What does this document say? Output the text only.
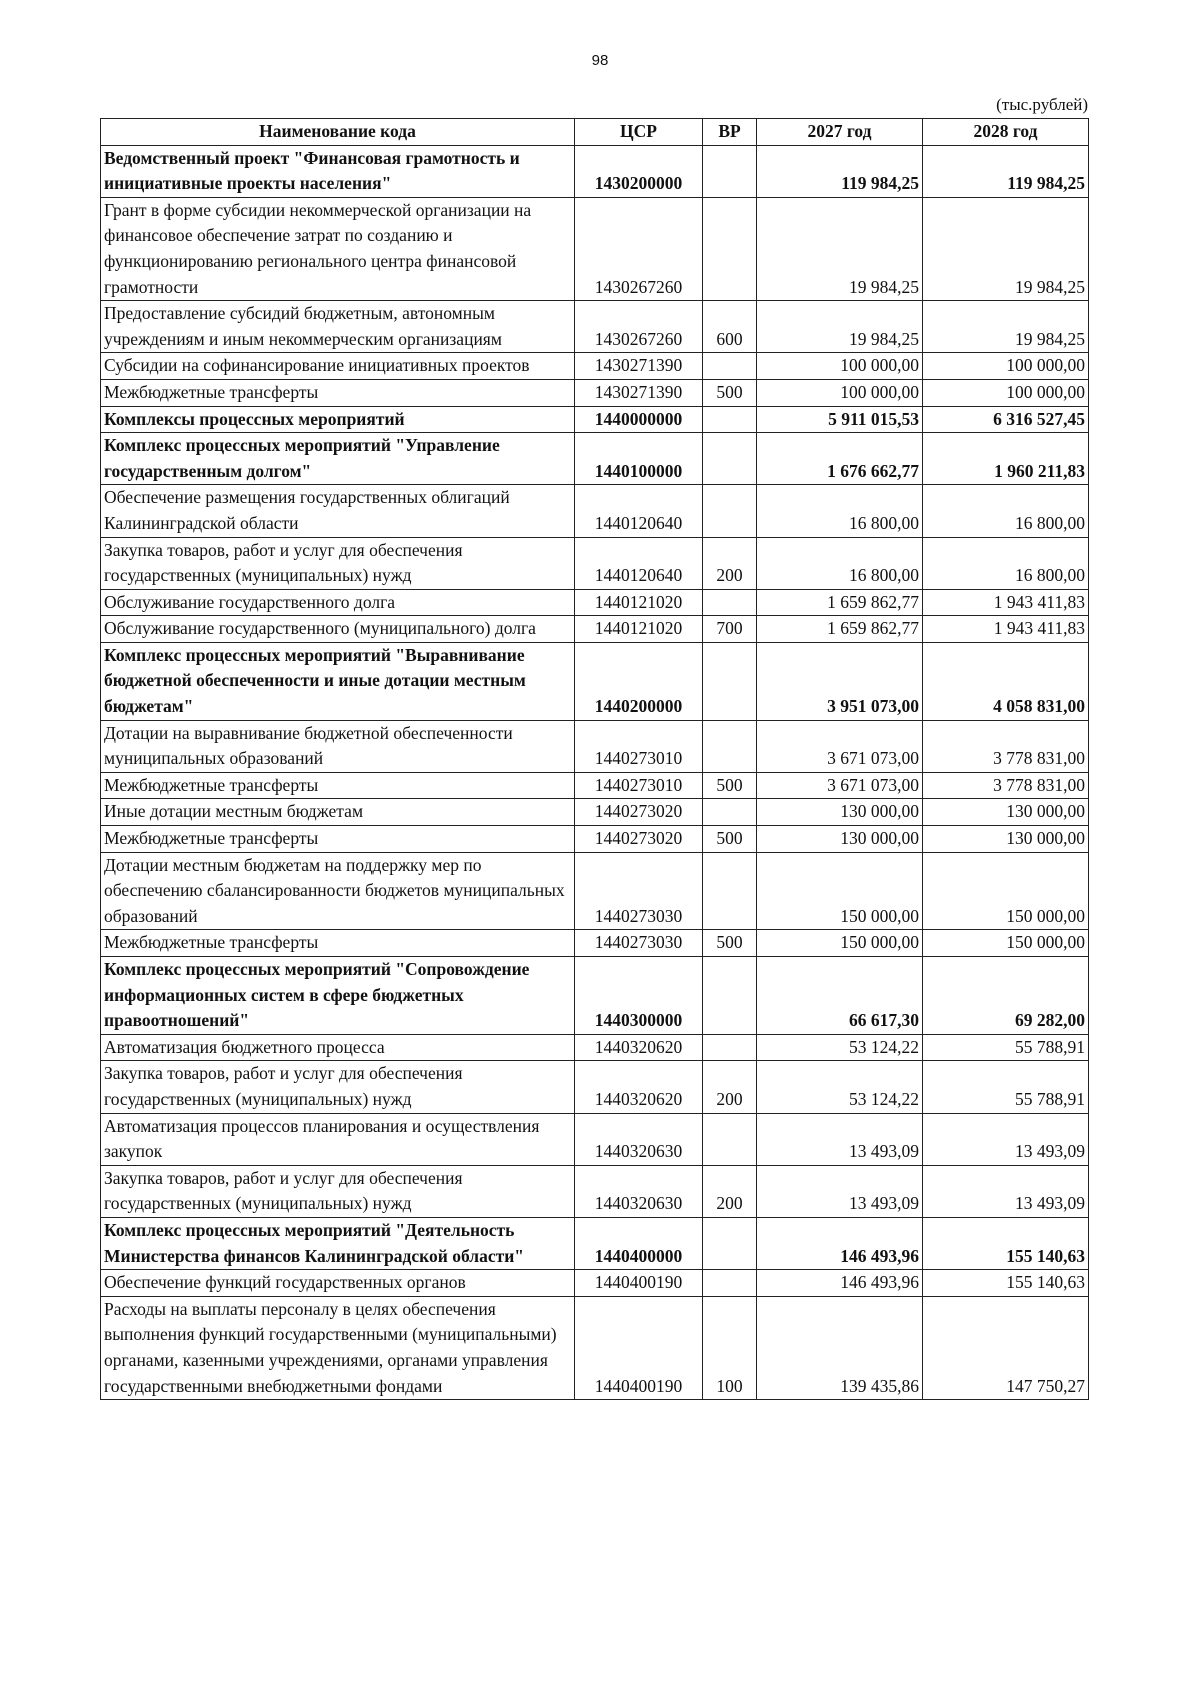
98
(тыс.рублей)
Наименование кода	ЦСР	ВР	2027 год	2028 год
Ведомственный проект "Финансовая грамотность и инициативные проекты населения"	1430200000		119 984,25	119 984,25
Грант в форме субсидии некоммерческой организации на финансовое обеспечение затрат по созданию и функционированию регионального центра финансовой грамотности	1430267260		19 984,25	19 984,25
Предоставление субсидий бюджетным, автономным учреждениям и иным некоммерческим организациям	1430267260	600	19 984,25	19 984,25
Субсидии на софинансирование инициативных проектов	1430271390		100 000,00	100 000,00
Межбюджетные трансферты	1430271390	500	100 000,00	100 000,00
Комплексы процессных мероприятий	1440000000		5 911 015,53	6 316 527,45
Комплекс процессных мероприятий "Управление государственным долгом"	1440100000		1 676 662,77	1 960 211,83
Обеспечение размещения государственных облигаций Калининградской области	1440120640		16 800,00	16 800,00
Закупка товаров, работ и услуг для обеспечения государственных (муниципальных) нужд	1440120640	200	16 800,00	16 800,00
Обслуживание государственного долга	1440121020		1 659 862,77	1 943 411,83
Обслуживание государственного (муниципального) долга	1440121020	700	1 659 862,77	1 943 411,83
Комплекс процессных мероприятий "Выравнивание бюджетной обеспеченности и иные дотации местным бюджетам"	1440200000		3 951 073,00	4 058 831,00
Дотации на выравнивание бюджетной обеспеченности муниципальных образований	1440273010		3 671 073,00	3 778 831,00
Межбюджетные трансферты	1440273010	500	3 671 073,00	3 778 831,00
Иные дотации местным бюджетам	1440273020		130 000,00	130 000,00
Межбюджетные трансферты	1440273020	500	130 000,00	130 000,00
Дотации местным бюджетам на поддержку мер по обеспечению сбалансированности бюджетов муниципальных образований	1440273030		150 000,00	150 000,00
Межбюджетные трансферты	1440273030	500	150 000,00	150 000,00
Комплекс процессных мероприятий "Сопровождение информационных систем в сфере бюджетных правоотношений"	1440300000		66 617,30	69 282,00
Автоматизация бюджетного процесса	1440320620		53 124,22	55 788,91
Закупка товаров, работ и услуг для обеспечения государственных (муниципальных) нужд	1440320620	200	53 124,22	55 788,91
Автоматизация процессов планирования и осуществления закупок	1440320630		13 493,09	13 493,09
Закупка товаров, работ и услуг для обеспечения государственных (муниципальных) нужд	1440320630	200	13 493,09	13 493,09
Комплекс процессных мероприятий "Деятельность Министерства финансов Калининградской области"	1440400000		146 493,96	155 140,63
Обеспечение функций государственных органов	1440400190		146 493,96	155 140,63
Расходы на выплаты персоналу в целях обеспечения выполнения функций государственными (муниципальными) органами, казенными учреждениями, органами управления государственными внебюджетными фондами	1440400190	100	139 435,86	147 750,27
